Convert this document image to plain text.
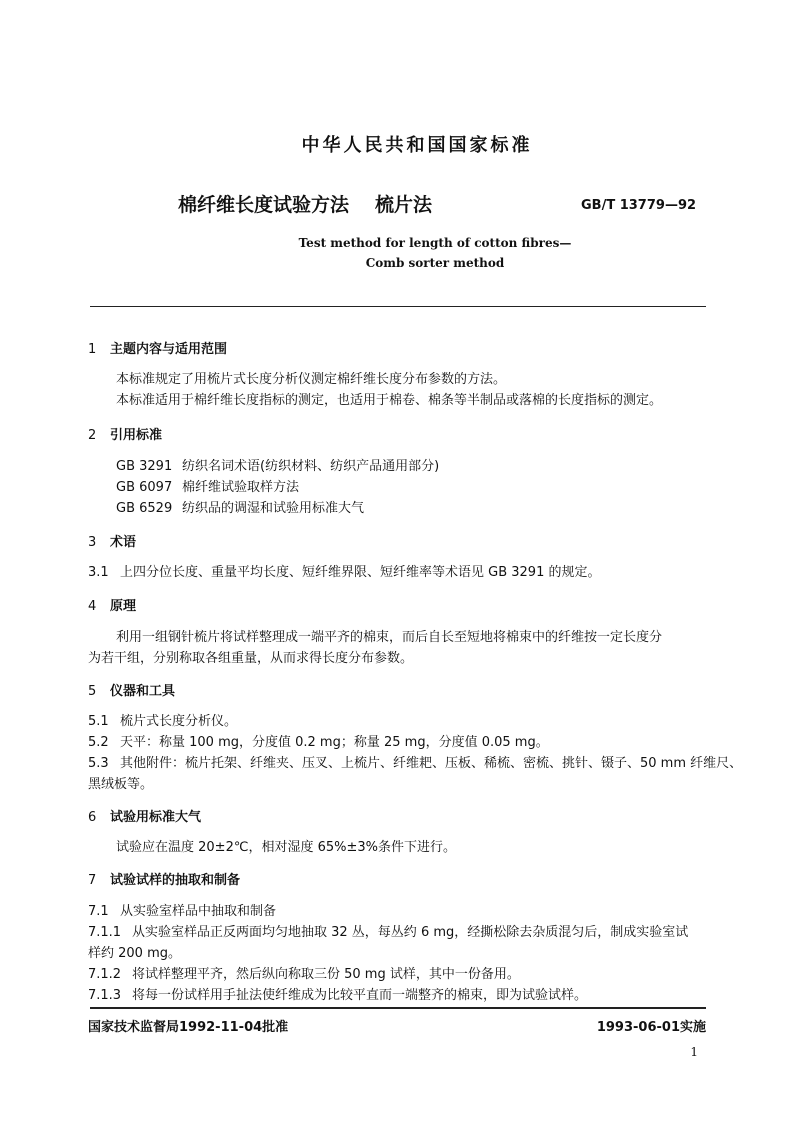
中华人民共和国国家标准
棉纤维长度试验方法 梳片法	GB/T 13779—92
Test method for length of cotton fibres—
Comb sorter method
1 主题内容与适用范围
本标准规定了用梳片式长度分析仪测定棉纤维长度分布参数的方法。
本标准适用于棉纤维长度指标的测定，也适用于棉卷、棉条等半制品或落棉的长度指标的测定。
2 引用标准
GB 3291 纺织名词术语(纺织材料、纺织产品通用部分)
GB 6097 棉纤维试验取样方法
GB 6529 纺织品的调湿和试验用标准大气
3 术语
3.1 上四分位长度、重量平均长度、短纤维界限、短纤维率等术语见 GB 3291 的规定。
4 原理
利用一组钢针梳片将试样整理成一端平齐的棉束，而后自长至短地将棉束中的纤维按一定长度分
为若干组，分别称取各组重量，从而求得长度分布参数。
5 仪器和工具
5.1 梳片式长度分析仪。
5.2 天平：称量 100 mg，分度值 0.2 mg；称量 25 mg，分度值 0.05 mg。
5.3 其他附件：梳片托架、纤维夹、压叉、上梳片、纤维耙、压板、稀梳、密梳、挑针、镊子、50 mm 纤维尺、
黑绒板等。
6 试验用标准大气
试验应在温度 20±2℃，相对湿度 65%±3%条件下进行。
7 试验试样的抽取和制备
7.1 从实验室样品中抽取和制备
7.1.1 从实验室样品正反两面均匀地抽取 32 丛，每丛约 6 mg，经撕松除去杂质混匀后，制成实验室试
样约 200 mg。
7.1.2 将试样整理平齐，然后纵向称取三份 50 mg 试样，其中一份备用。
7.1.3 将每一份试样用手扯法使纤维成为比较平直而一端整齐的棉束，即为试验试样。
国家技术监督局1992-11-04批准	1993-06-01实施
1
